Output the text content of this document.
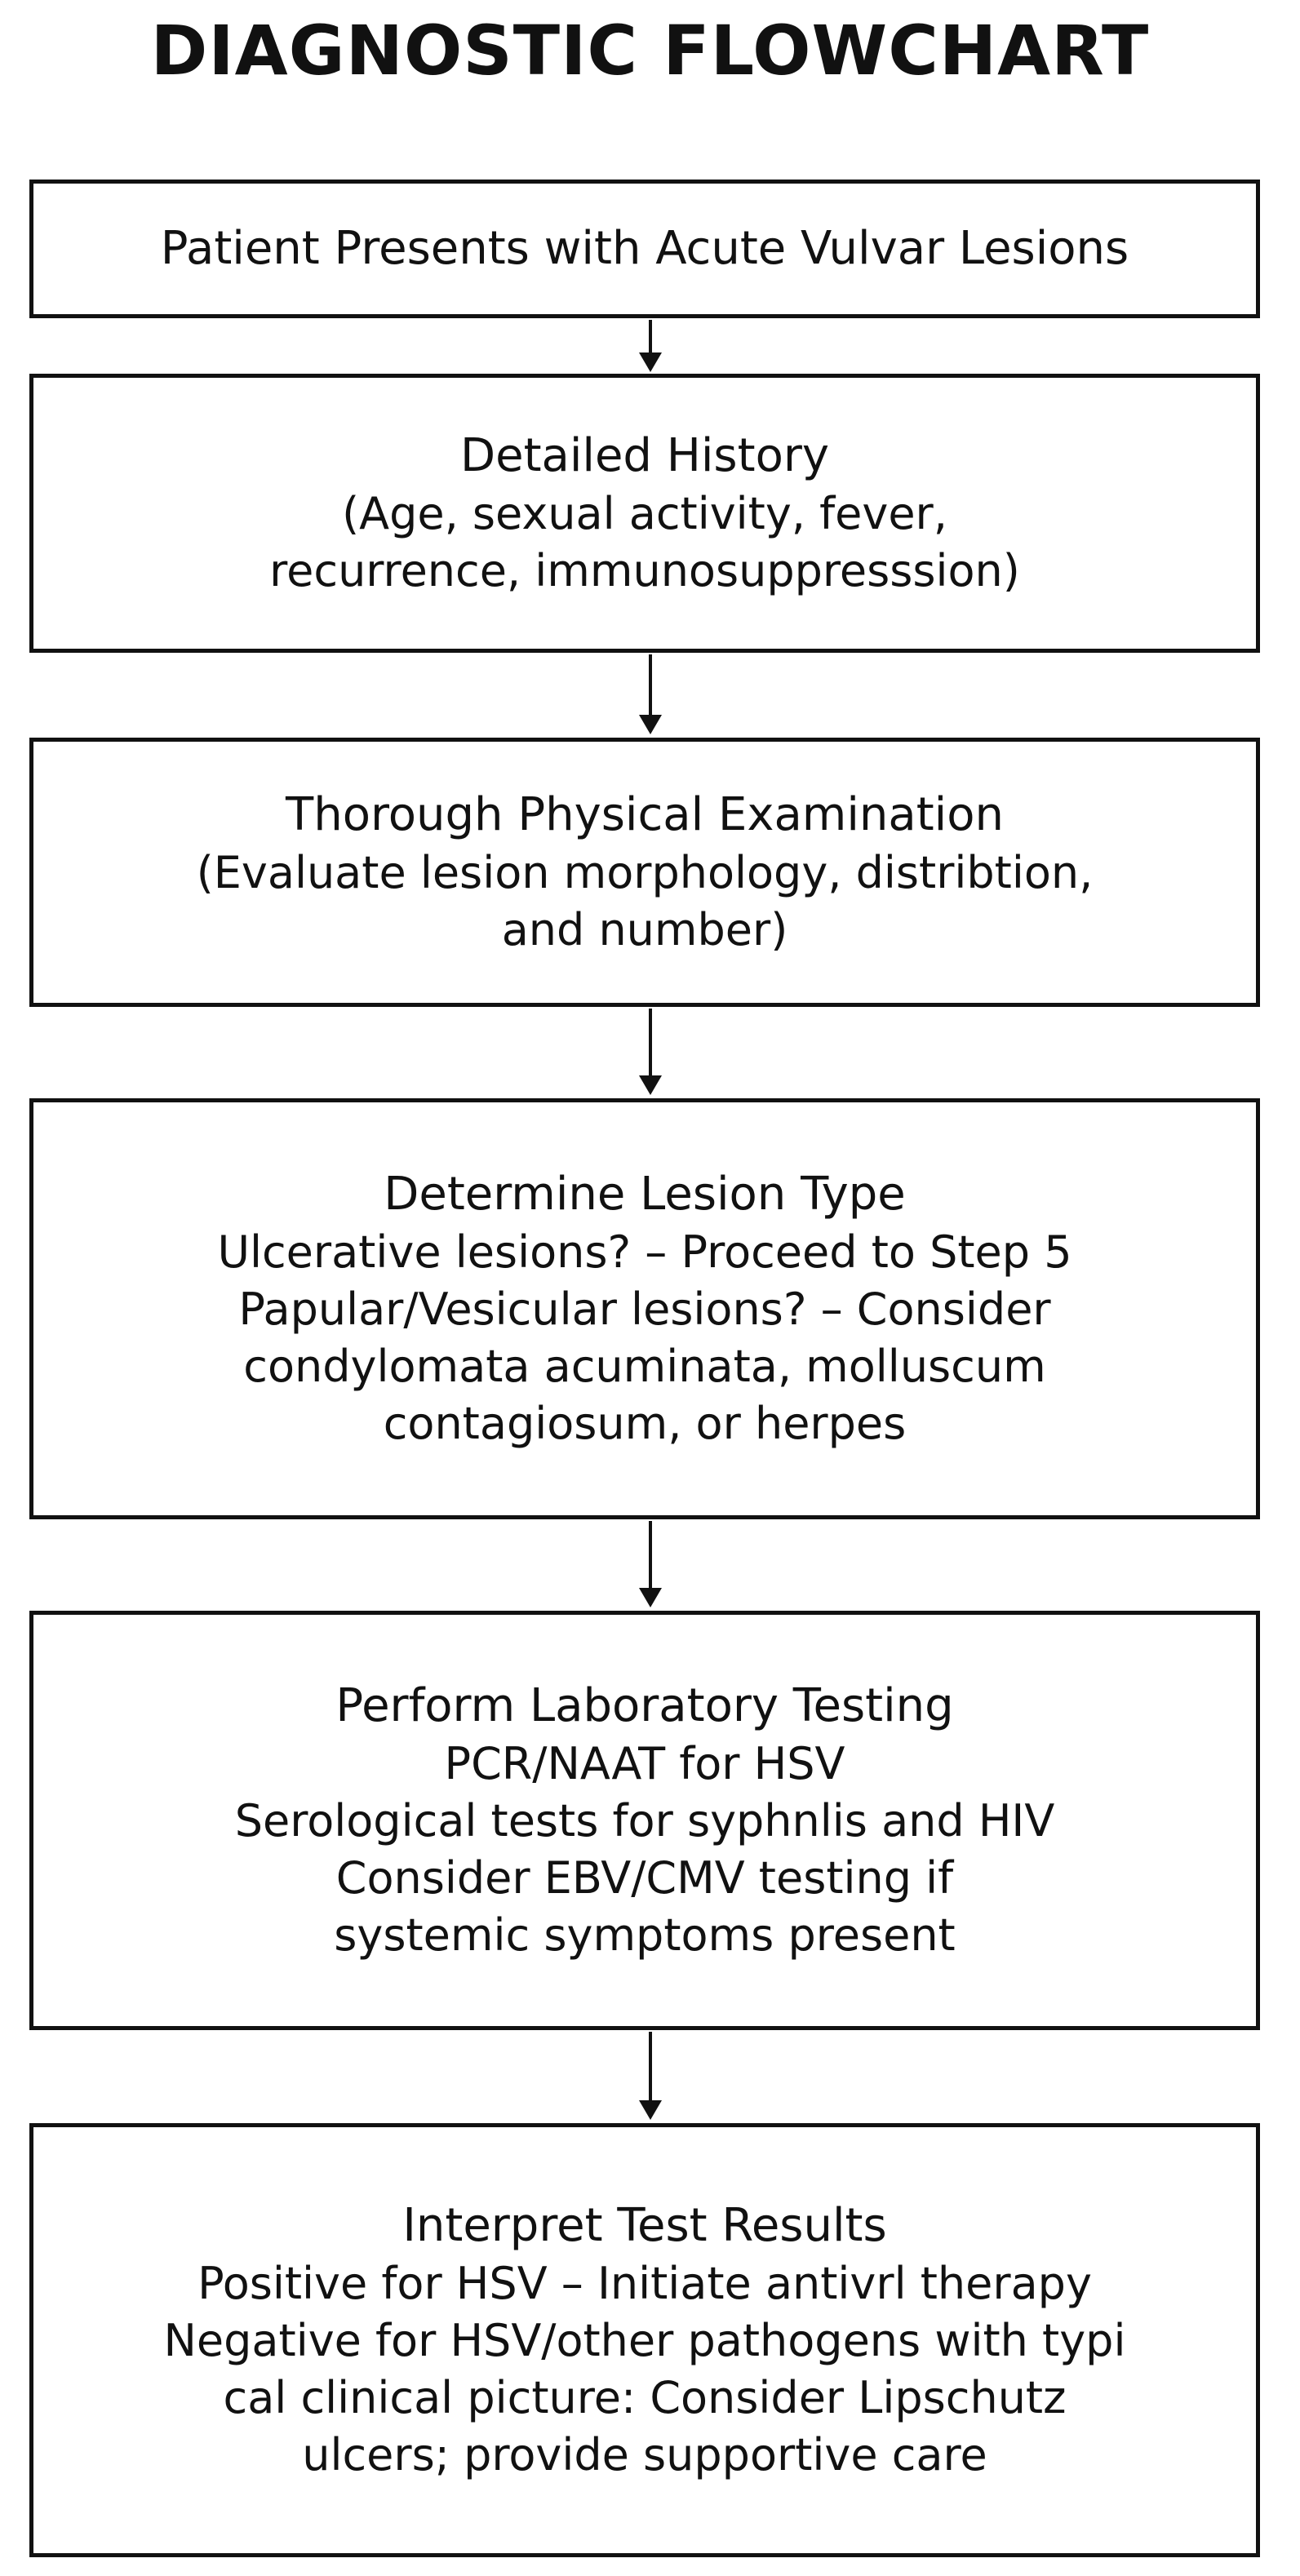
DIAGNOSTIC FLOWCHART
Patient Presents with Acute Vulvar Lesions
Detailed History
(Age, sexual activity, fever,
recurrence, immunosuppresssion)
Thorough Physical Examination
(Evaluate lesion morphology, distribtion,
and number)
Determine Lesion Type
Ulcerative lesions? – Proceed to Step 5
Papular/Vesicular lesions? – Consider
condylomata acuminata, molluscum
contagiosum, or herpes
Perform Laboratory Testing
PCR/NAAT for HSV
Serological tests for syphnlis and HIV
Consider EBV/CMV testing if
systemic symptoms present
Interpret Test Results
Positive for HSV – Initiate antivrl therapy
Negative for HSV/other pathogens with typi
cal clinical picture: Consider Lipschutz
ulcers; provide supportive care
